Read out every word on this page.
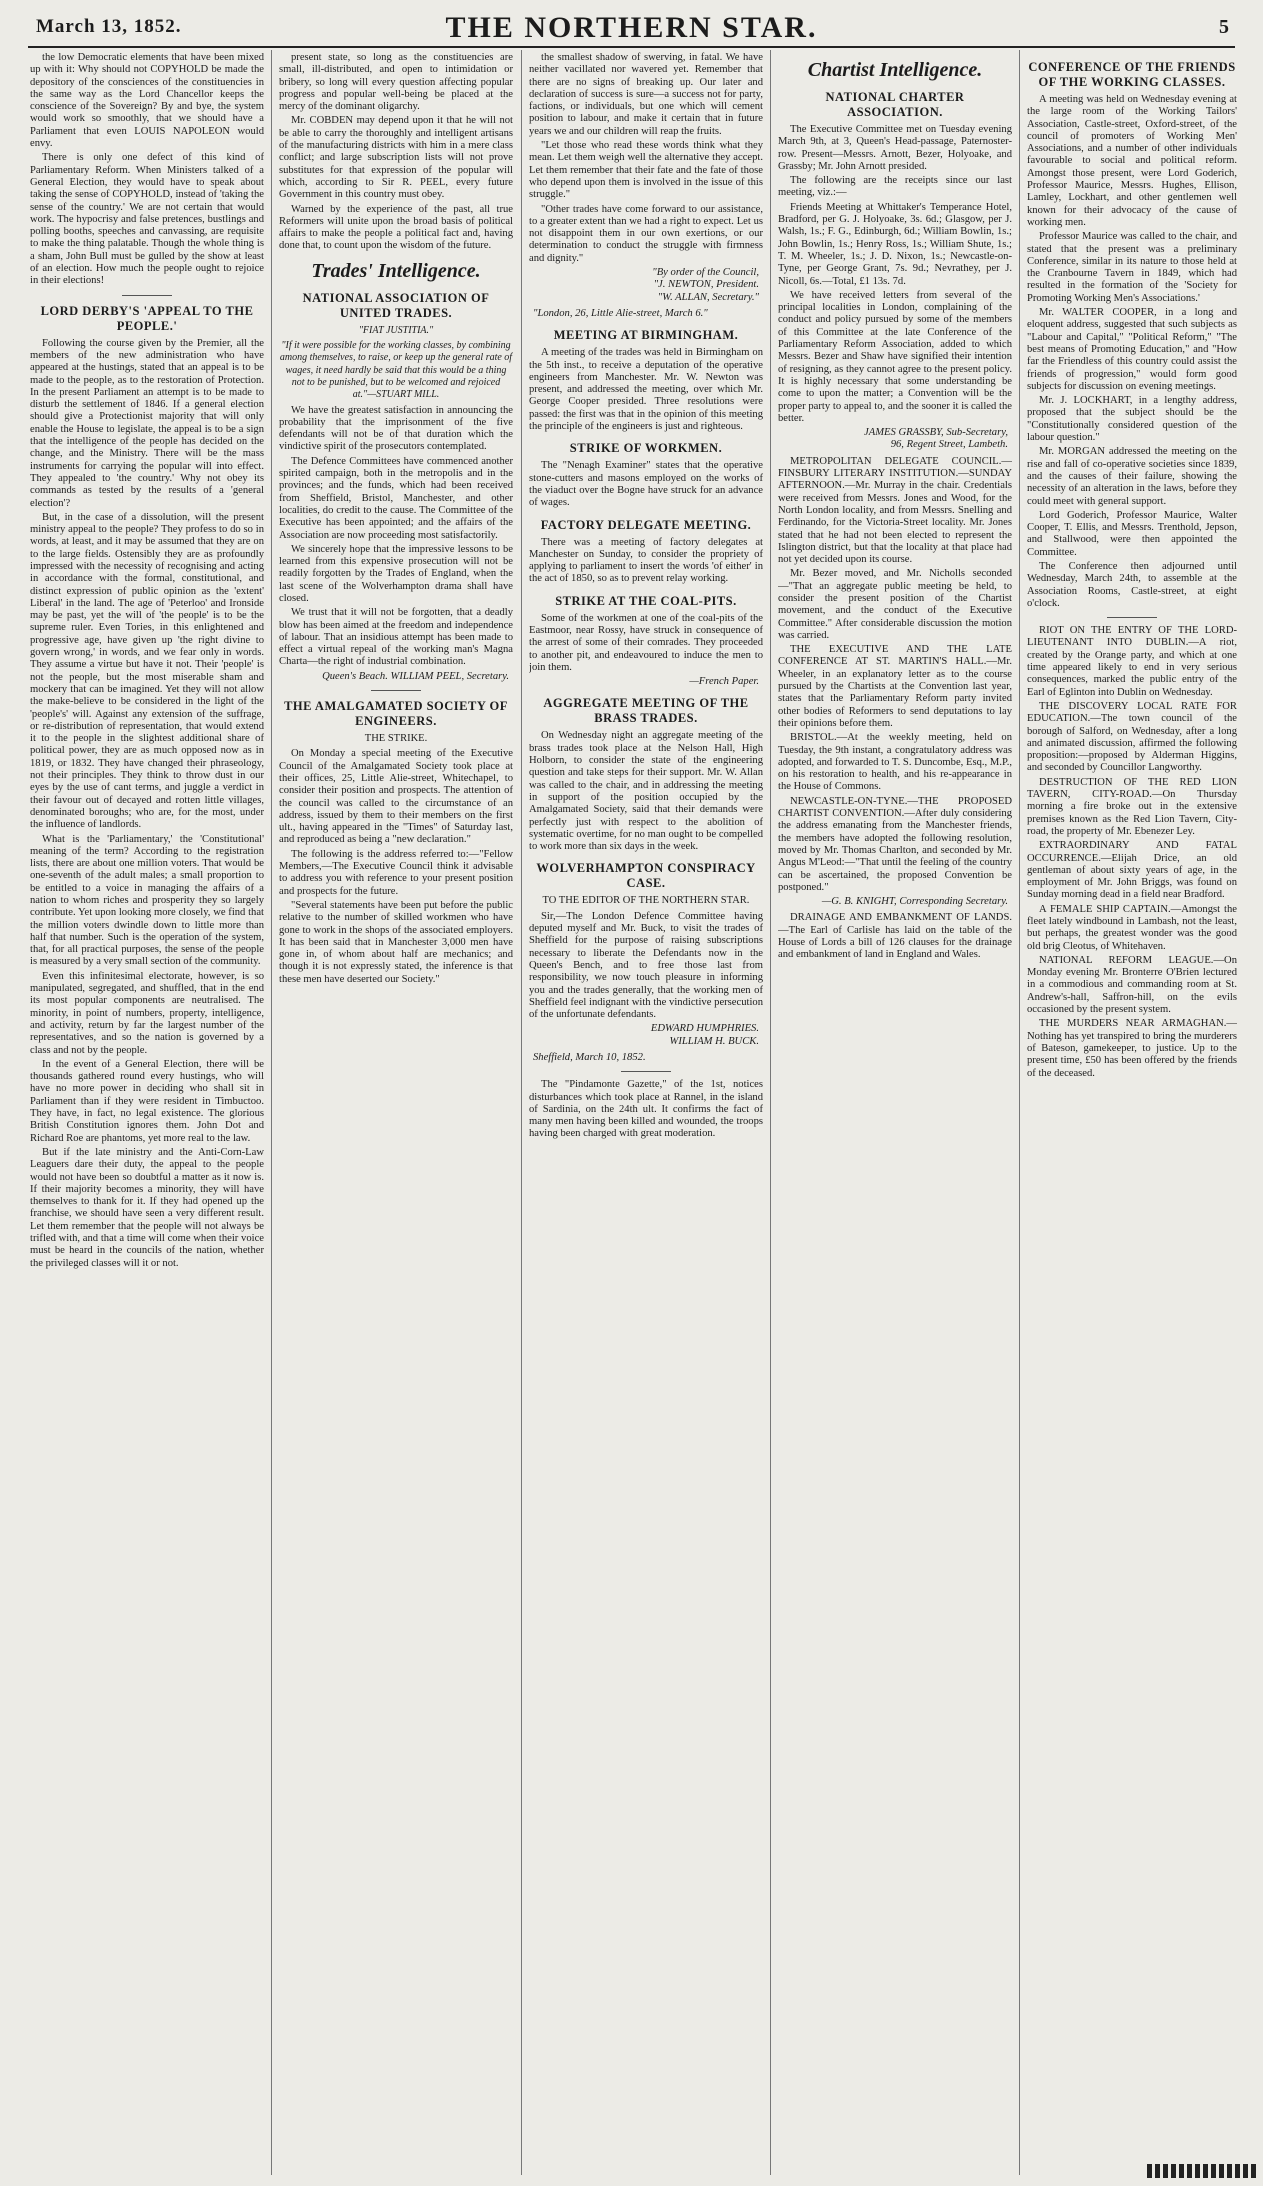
March 13, 1852.	THE NORTHERN STAR.	5

the low Democratic elements that have been mixed up with it: Why should not COPYHOLD be made the depository of the consciences of the constituencies in the same way as the Lord Chancellor keeps the conscience of the Sovereign? By and bye, the system would work so smoothly, that we should have a Parliament that even LOUIS NAPOLEON would envy.

There is only one defect of this kind of Parliamentary Reform. When Ministers talked of a General Election, they would have to speak about taking the sense of COPYHOLD, instead of 'taking the sense of the country.' We are not certain that would work. The hypocrisy and false pretences, bustlings and polling booths, speeches and canvassing, are requisite to make the thing palatable. Though the whole thing is a sham, John Bull must be gulled by the show at least of an election. How much the people ought to rejoice in their elections!

LORD DERBY'S 'APPEAL TO THE PEOPLE.'

Following the course given by the Premier, all the members of the new administration who have appeared at the hustings, stated that an appeal is to be made to the people, as to the restoration of Protection. In the present Parliament an attempt is to be made to disturb the settlement of 1846. If a general election should give a Protectionist majority that will only enable the House to legislate, the appeal is to be a sign that the intelligence of the people has decided on the change, and the Ministry. There will be the mass instruments for carrying the popular will into effect. They appealed to 'the country.' Why not obey its commands as tested by the results of a 'general election'?

But, in the case of a dissolution, will the present ministry appeal to the people? They profess to do so in words, at least, and it may be assumed that they are on to the large fields. Ostensibly they are as profoundly impressed with the necessity of recognising and acting in accordance with the formal, constitutional, and distinct expression of public opinion as the 'extent' Liberal' in the land. The age of 'Peterloo' and Ironside may be past, yet the will of 'the people' is to be the supreme ruler. Even Tories, in this enlightened and progressive age, have given up 'the right divine to govern wrong,' in words, and we fear only in words. They assume a virtue but have it not. Their 'people' is not the people, but the most miserable sham and mockery that can be imagined. Yet they will not allow the make-believe to be considered in the light of the 'people's' will. Against any extension of the suffrage, or re-distribution of representation, that would extend it to the people in the slightest additional share of political power, they are as much opposed now as in 1819, or 1832. They have changed their phraseology, not their principles. They think to throw dust in our eyes by the use of cant terms, and juggle a verdict in their favour out of decayed and rotten little villages, denominated boroughs; who are, for the most, under the influence of landlords.

What is the 'Parliamentary,' the 'Constitutional' meaning of the term? According to the registration lists, there are about one million voters. That would be one-seventh of the adult males; a small proportion to be entitled to a voice in managing the affairs of a nation to whom riches and prosperity they so largely contribute. Yet upon looking more closely, we find that the million voters dwindle down to little more than half that number. Such is the operation of the system, that, for all practical purposes, the sense of the people is measured by a very small section of the community.

Even this infinitesimal electorate, however, is so manipulated, segregated, and shuffled, that in the end its most popular components are neutralised. The minority, in point of numbers, property, intelligence, and activity, return by far the largest number of the representatives, and so the nation is governed by a class and not by the people.

In the event of a General Election, there will be thousands gathered round every hustings, who will have no more power in deciding who shall sit in Parliament than if they were resident in Timbuctoo. They have, in fact, no legal existence. The glorious British Constitution ignores them. John Dot and Richard Roe are phantoms, yet more real to the law.

But if the late ministry and the Anti-Corn-Law Leaguers dare their duty, the appeal to the people would not have been so doubtful a matter as it now is. If their majority becomes a minority, they will have themselves to thank for it. If they had opened up the franchise, we should have seen a very different result. Let them remember that the people will not always be trifled with, and that a time will come when their voice must be heard in the councils of the nation, whether the privileged classes will it or not.

present state, so long as the constituencies are small, ill-distributed, and open to intimidation or bribery, so long will every question affecting popular progress and popular well-being be placed at the mercy of the dominant oligarchy.

Mr. COBDEN may depend upon it that he will not be able to carry the thoroughly and intelligent artisans of the manufacturing districts with him in a mere class conflict; and large subscription lists will not prove substitutes for that expression of the popular will which, according to Sir R. PEEL, every future Government in this country must obey.

Warned by the experience of the past, all true Reformers will unite upon the broad basis of political affairs to make the people a political fact and, having done that, to count upon the wisdom of the future.

Trades' Intelligence.

NATIONAL ASSOCIATION OF UNITED TRADES.

"FIAT JUSTITIA."

"If it were possible for the working classes, by combining among themselves, to raise, or keep up the general rate of wages, it need hardly be said that this would be a thing not to be punished, but to be welcomed and rejoiced at."—STUART MILL.

We have the greatest satisfaction in announcing the probability that the imprisonment of the five defendants will not be of that duration which the vindictive spirit of the prosecutors contemplated.

The Defence Committees have commenced another spirited campaign, both in the metropolis and in the provinces; and the funds, which had been received from Sheffield, Bristol, Manchester, and other localities, do credit to the cause. The Committee of the Executive has been appointed; and the affairs of the Association are now proceeding most satisfactorily.

We sincerely hope that the impressive lessons to be learned from this expensive prosecution will not be readily forgotten by the Trades of England, when the last scene of the Wolverhampton drama shall have closed.

We trust that it will not be forgotten, that a deadly blow has been aimed at the freedom and independence of labour. That an insidious attempt has been made to effect a virtual repeal of the working man's Magna Charta—the right of industrial combination.

Queen's Beach. WILLIAM PEEL, Secretary.

THE AMALGAMATED SOCIETY OF ENGINEERS.

THE STRIKE.

On Monday a special meeting of the Executive Council of the Amalgamated Society took place at their offices, 25, Little Alie-street, Whitechapel, to consider their position and prospects. The attention of the council was called to the circumstance of an address, issued by them to their members on the first ult., having appeared in the "Times" of Saturday last, and reproduced as being a "new declaration."

The following is the address referred to:—"Fellow Members,—The Executive Council think it advisable to address you with reference to your present position and prospects for the future.

"Several statements have been put before the public relative to the number of skilled workmen who have gone to work in the shops of the associated employers. It has been said that in Manchester 3,000 men have gone in, of whom about half are mechanics; and though it is not expressly stated, the inference is that these men have deserted our Society."

the smallest shadow of swerving, in fatal. We have neither vacillated nor wavered yet. Remember that there are no signs of breaking up. Our later and declaration of success is sure—a success not for party, factions, or individuals, but one which will cement position to labour, and make it certain that in future years we and our children will reap the fruits.

"Let those who read these words think what they mean. Let them weigh well the alternative they accept. Let them remember that their fate and the fate of those who depend upon them is involved in the issue of this struggle."

"Other trades have come forward to our assistance, to a greater extent than we had a right to expect. Let us not disappoint them in our own exertions, or our determination to conduct the struggle with firmness and dignity."

"By order of the Council,
"J. NEWTON, President.
"W. ALLAN, Secretary."

"London, 26, Little Alie-street, March 6."

MEETING AT BIRMINGHAM.

A meeting of the trades was held in Birmingham on the 5th inst., to receive a deputation of the operative engineers from Manchester. Mr. W. Newton was present, and addressed the meeting, over which Mr. George Cooper presided. Three resolutions were passed: the first was that in the opinion of this meeting the principle of the engineers is just and righteous.

STRIKE OF WORKMEN.

The "Nenagh Examiner" states that the operative stone-cutters and masons employed on the works of the viaduct over the Bogne have struck for an advance of wages.

FACTORY DELEGATE MEETING.

There was a meeting of factory delegates at Manchester on Sunday, to consider the propriety of applying to parliament to insert the words 'of either' in the act of 1850, so as to prevent relay working.

STRIKE AT THE COAL-PITS.

Some of the workmen at one of the coal-pits of the Eastmoor, near Rossy, have struck in consequence of the arrest of some of their comrades. They proceeded to another pit, and endeavoured to induce the men to join them.

—French Paper.

AGGREGATE MEETING OF THE BRASS TRADES.

On Wednesday night an aggregate meeting of the brass trades took place at the Nelson Hall, High Holborn, to consider the state of the engineering question and take steps for their support. Mr. W. Allan was called to the chair, and in addressing the meeting in support of the position occupied by the Amalgamated Society, said that their demands were perfectly just with respect to the abolition of systematic overtime, for no man ought to be compelled to work more than six days in the week.

WOLVERHAMPTON CONSPIRACY CASE.

TO THE EDITOR OF THE NORTHERN STAR.

Sir,—The London Defence Committee having deputed myself and Mr. Buck, to visit the trades of Sheffield for the purpose of raising subscriptions necessary to liberate the Defendants now in the Queen's Bench, and to free those last from responsibility, we now touch pleasure in informing you and the trades generally, that the working men of Sheffield feel indignant with the vindictive persecution of the unfortunate defendants.

EDWARD HUMPHRIES.
WILLIAM H. BUCK.

Sheffield, March 10, 1852.

The "Pindamonte Gazette," of the 1st, notices disturbances which took place at Rannel, in the island of Sardinia, on the 24th ult. It confirms the fact of many men having been killed and wounded, the troops having been charged with great moderation.

Chartist Intelligence.

NATIONAL CHARTER ASSOCIATION.

The Executive Committee met on Tuesday evening March 9th, at 3, Queen's Head-passage, Paternoster-row. Present—Messrs. Arnott, Bezer, Holyoake, and Grassby; Mr. John Arnott presided.

The following are the receipts since our last meeting, viz.:—

Friends Meeting at Whittaker's Temperance Hotel, Bradford, per G. J. Holyoake, 3s. 6d.; Glasgow, per J. Walsh, 1s.; F. G., Edinburgh, 6d.; William Bowlin, 1s.; John Bowlin, 1s.; Henry Ross, 1s.; William Shute, 1s.; T. M. Wheeler, 1s.; J. D. Nixon, 1s.; Newcastle-on-Tyne, per George Grant, 7s. 9d.; Nevrathey, per J. Nicoll, 6s.—Total, £1 13s. 7d.

We have received letters from several of the principal localities in London, complaining of the conduct and policy pursued by some of the members of this Committee at the late Conference of the Parliamentary Reform Association, added to which Messrs. Bezer and Shaw have signified their intention of resigning, as they cannot agree to the present policy. It is highly necessary that some understanding be come to upon the matter; a Convention will be the proper party to appeal to, and the sooner it is called the better.

JAMES GRASSBY, Sub-Secretary,
96, Regent Street, Lambeth.

METROPOLITAN DELEGATE COUNCIL.—FINSBURY LITERARY INSTITUTION.—SUNDAY AFTERNOON.—Mr. Murray in the chair. Credentials were received from Messrs. Jones and Wood, for the North London locality, and from Messrs. Snelling and Ferdinando, for the Victoria-Street locality. Mr. Jones stated that he had not been elected to represent the Islington district, but that the locality at that place had not yet decided upon its course.

Mr. Bezer moved, and Mr. Nicholls seconded—"That an aggregate public meeting be held, to consider the present position of the Chartist movement, and the conduct of the Executive Committee." After considerable discussion the motion was carried.

THE EXECUTIVE AND THE LATE CONFERENCE AT ST. MARTIN'S HALL.—Mr. Wheeler, in an explanatory letter as to the course pursued by the Chartists at the Convention last year, states that the Parliamentary Reform party invited other bodies of Reformers to send deputations to lay their opinions before them.

BRISTOL.—At the weekly meeting, held on Tuesday, the 9th instant, a congratulatory address was adopted, and forwarded to T. S. Duncombe, Esq., M.P., on his restoration to health, and his re-appearance in the House of Commons.

NEWCASTLE-ON-TYNE.—THE PROPOSED CHARTIST CONVENTION.—After duly considering the address emanating from the Manchester friends, the members have adopted the following resolution, moved by Mr. Thomas Charlton, and seconded by Mr. Angus M'Leod:—"That until the feeling of the country can be ascertained, the proposed Convention be postponed."

—G. B. KNIGHT, Corresponding Secretary.

DRAINAGE AND EMBANKMENT OF LANDS.—The Earl of Carlisle has laid on the table of the House of Lords a bill of 126 clauses for the drainage and embankment of land in England and Wales.

CONFERENCE OF THE FRIENDS OF THE WORKING CLASSES.

A meeting was held on Wednesday evening at the large room of the Working Tailors' Association, Castle-street, Oxford-street, of the council of promoters of Working Men' Associations, and a number of other individuals favourable to social and political reform. Amongst those present, were Lord Goderich, Professor Maurice, Messrs. Hughes, Ellison, Lamley, Lockhart, and other gentlemen well known for their advocacy of the cause of working men.

Professor Maurice was called to the chair, and stated that the present was a preliminary Conference, similar in its nature to those held at the Cranbourne Tavern in 1849, which had resulted in the formation of the 'Society for Promoting Working Men's Associations.'

Mr. WALTER COOPER, in a long and eloquent address, suggested that such subjects as "Labour and Capital," "Political Reform," "The best means of Promoting Education," and "How far the Friendless of this country could assist the friends of progression," would form good subjects for discussion on evening meetings.

Mr. J. LOCKHART, in a lengthy address, proposed that the subject should be the "Constitutionally considered question of the labour question."

Mr. MORGAN addressed the meeting on the rise and fall of co-operative societies since 1839, and the causes of their failure, showing the necessity of an alteration in the laws, before they could meet with general support.

Lord Goderich, Professor Maurice, Walter Cooper, T. Ellis, and Messrs. Trenthold, Jepson, and Stallwood, were then appointed the Committee.

The Conference then adjourned until Wednesday, March 24th, to assemble at the Association Rooms, Castle-street, at eight o'clock.

RIOT ON THE ENTRY OF THE LORD-LIEUTENANT INTO DUBLIN.—A riot, created by the Orange party, and which at one time appeared likely to end in very serious consequences, marked the public entry of the Earl of Eglinton into Dublin on Wednesday.

THE DISCOVERY LOCAL RATE FOR EDUCATION.—The town council of the borough of Salford, on Wednesday, after a long and animated discussion, affirmed the following proposition:—proposed by Alderman Higgins, and seconded by Councillor Langworthy.

DESTRUCTION OF THE RED LION TAVERN, CITY-ROAD.—On Thursday morning a fire broke out in the extensive premises known as the Red Lion Tavern, City-road, the property of Mr. Ebenezer Ley.

EXTRAORDINARY AND FATAL OCCURRENCE.—Elijah Drice, an old gentleman of about sixty years of age, in the employment of Mr. John Briggs, was found on Sunday morning dead in a field near Bradford.

A FEMALE SHIP CAPTAIN.—Amongst the fleet lately windbound in Lambash, not the least, but perhaps, the greatest wonder was the good old brig Cleotus, of Whitehaven.

NATIONAL REFORM LEAGUE.—On Monday evening Mr. Bronterre O'Brien lectured in a commodious and commanding room at St. Andrew's-hall, Saffron-hill, on the evils occasioned by the present system.

THE MURDERS NEAR ARMAGHAN.—Nothing has yet transpired to bring the murderers of Bateson, gamekeeper, to justice. Up to the present time, £50 has been offered by the friends of the deceased.
